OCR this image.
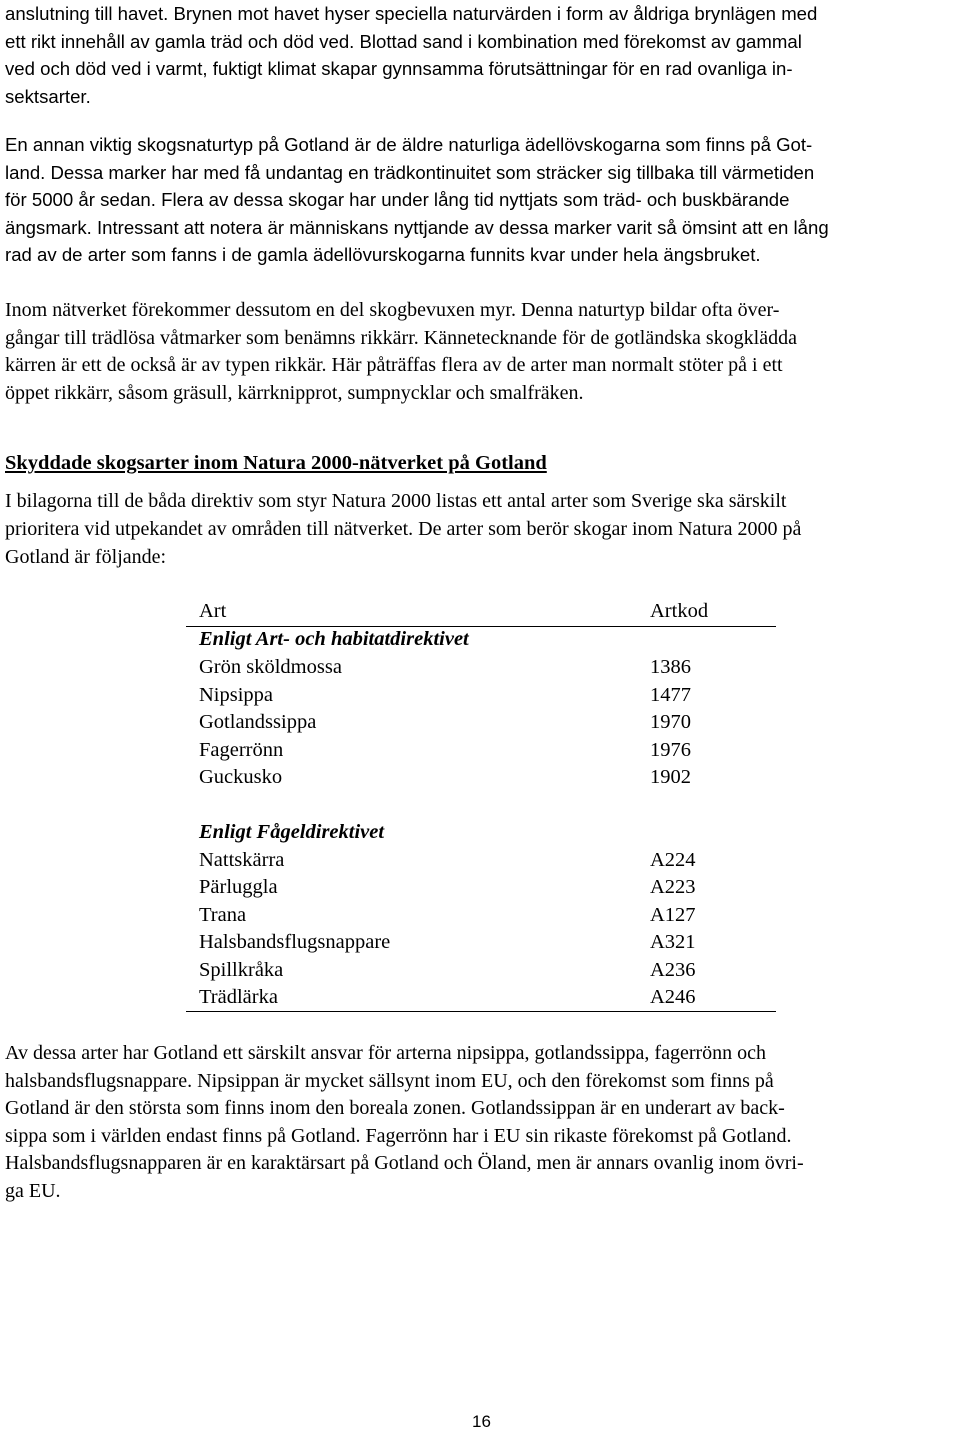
anslutning till havet. Brynen mot havet hyser speciella naturvärden i form av åldriga brynlägen med
ett rikt innehåll av gamla träd och död ved. Blottad sand i kombination med förekomst av gammal
ved och död ved i varmt, fuktigt klimat skapar gynnsamma förutsättningar för en rad ovanliga in-
sektsarter.
En annan viktig skogsnaturtyp på Gotland är de äldre naturliga ädellövskogarna som finns på Got-
land. Dessa marker har med få undantag en trädkontinuitet som sträcker sig tillbaka till värmetiden
för 5000 år sedan. Flera av dessa skogar har under lång tid nyttjats som träd- och buskbärande
ängsmark. Intressant att notera är människans nyttjande av dessa marker varit så ömsint att en lång
rad av de arter som fanns i de gamla ädellövurskogarna funnits kvar under hela ängsbruket.
Inom nätverket förekommer dessutom en del skogbevuxen myr. Denna naturtyp bildar ofta över-
gångar till trädlösa våtmarker som benämns rikkärr. Kännetecknande för de gotländska skogklädda
kärren är ett de också är av typen rikkär. Här påträffas flera av de arter man normalt stöter på i ett
öppet rikkärr, såsom gräsull, kärrknipprot, sumpnycklar och smalfräken.
Skyddade skogsarter inom Natura 2000-nätverket på Gotland
I bilagorna till de båda direktiv som styr Natura 2000 listas ett antal arter som Sverige ska särskilt
prioritera vid utpekandet av områden till nätverket. De arter som berör skogar inom Natura 2000 på
Gotland är följande:
Av dessa arter har Gotland ett särskilt ansvar för arterna nipsippa, gotlandssippa, fagerrönn och
halsbandsflugsnappare. Nipsippan är mycket sällsynt inom EU, och den förekomst som finns på
Gotland är den största som finns inom den boreala zonen. Gotlandssippan är en underart av back-
sippa som i världen endast finns på Gotland. Fagerrönn har i EU sin rikaste förekomst på Gotland.
Halsbandsflugsnapparen är en karaktärsart på Gotland och Öland, men är annars ovanlig inom övri-
ga EU.
Art	Artkod
Enligt Art- och habitatdirektivet
Grön sköldmossa	1386
Nipsippa	1477
Gotlandssippa	1970
Fagerrönn	1976
Guckusko	1902
Enligt Fågeldirektivet
Nattskärra	A224
Pärluggla	A223
Trana	A127
Halsbandsflugsnappare	A321
Spillkråka	A236
Trädlärka	A246
16
